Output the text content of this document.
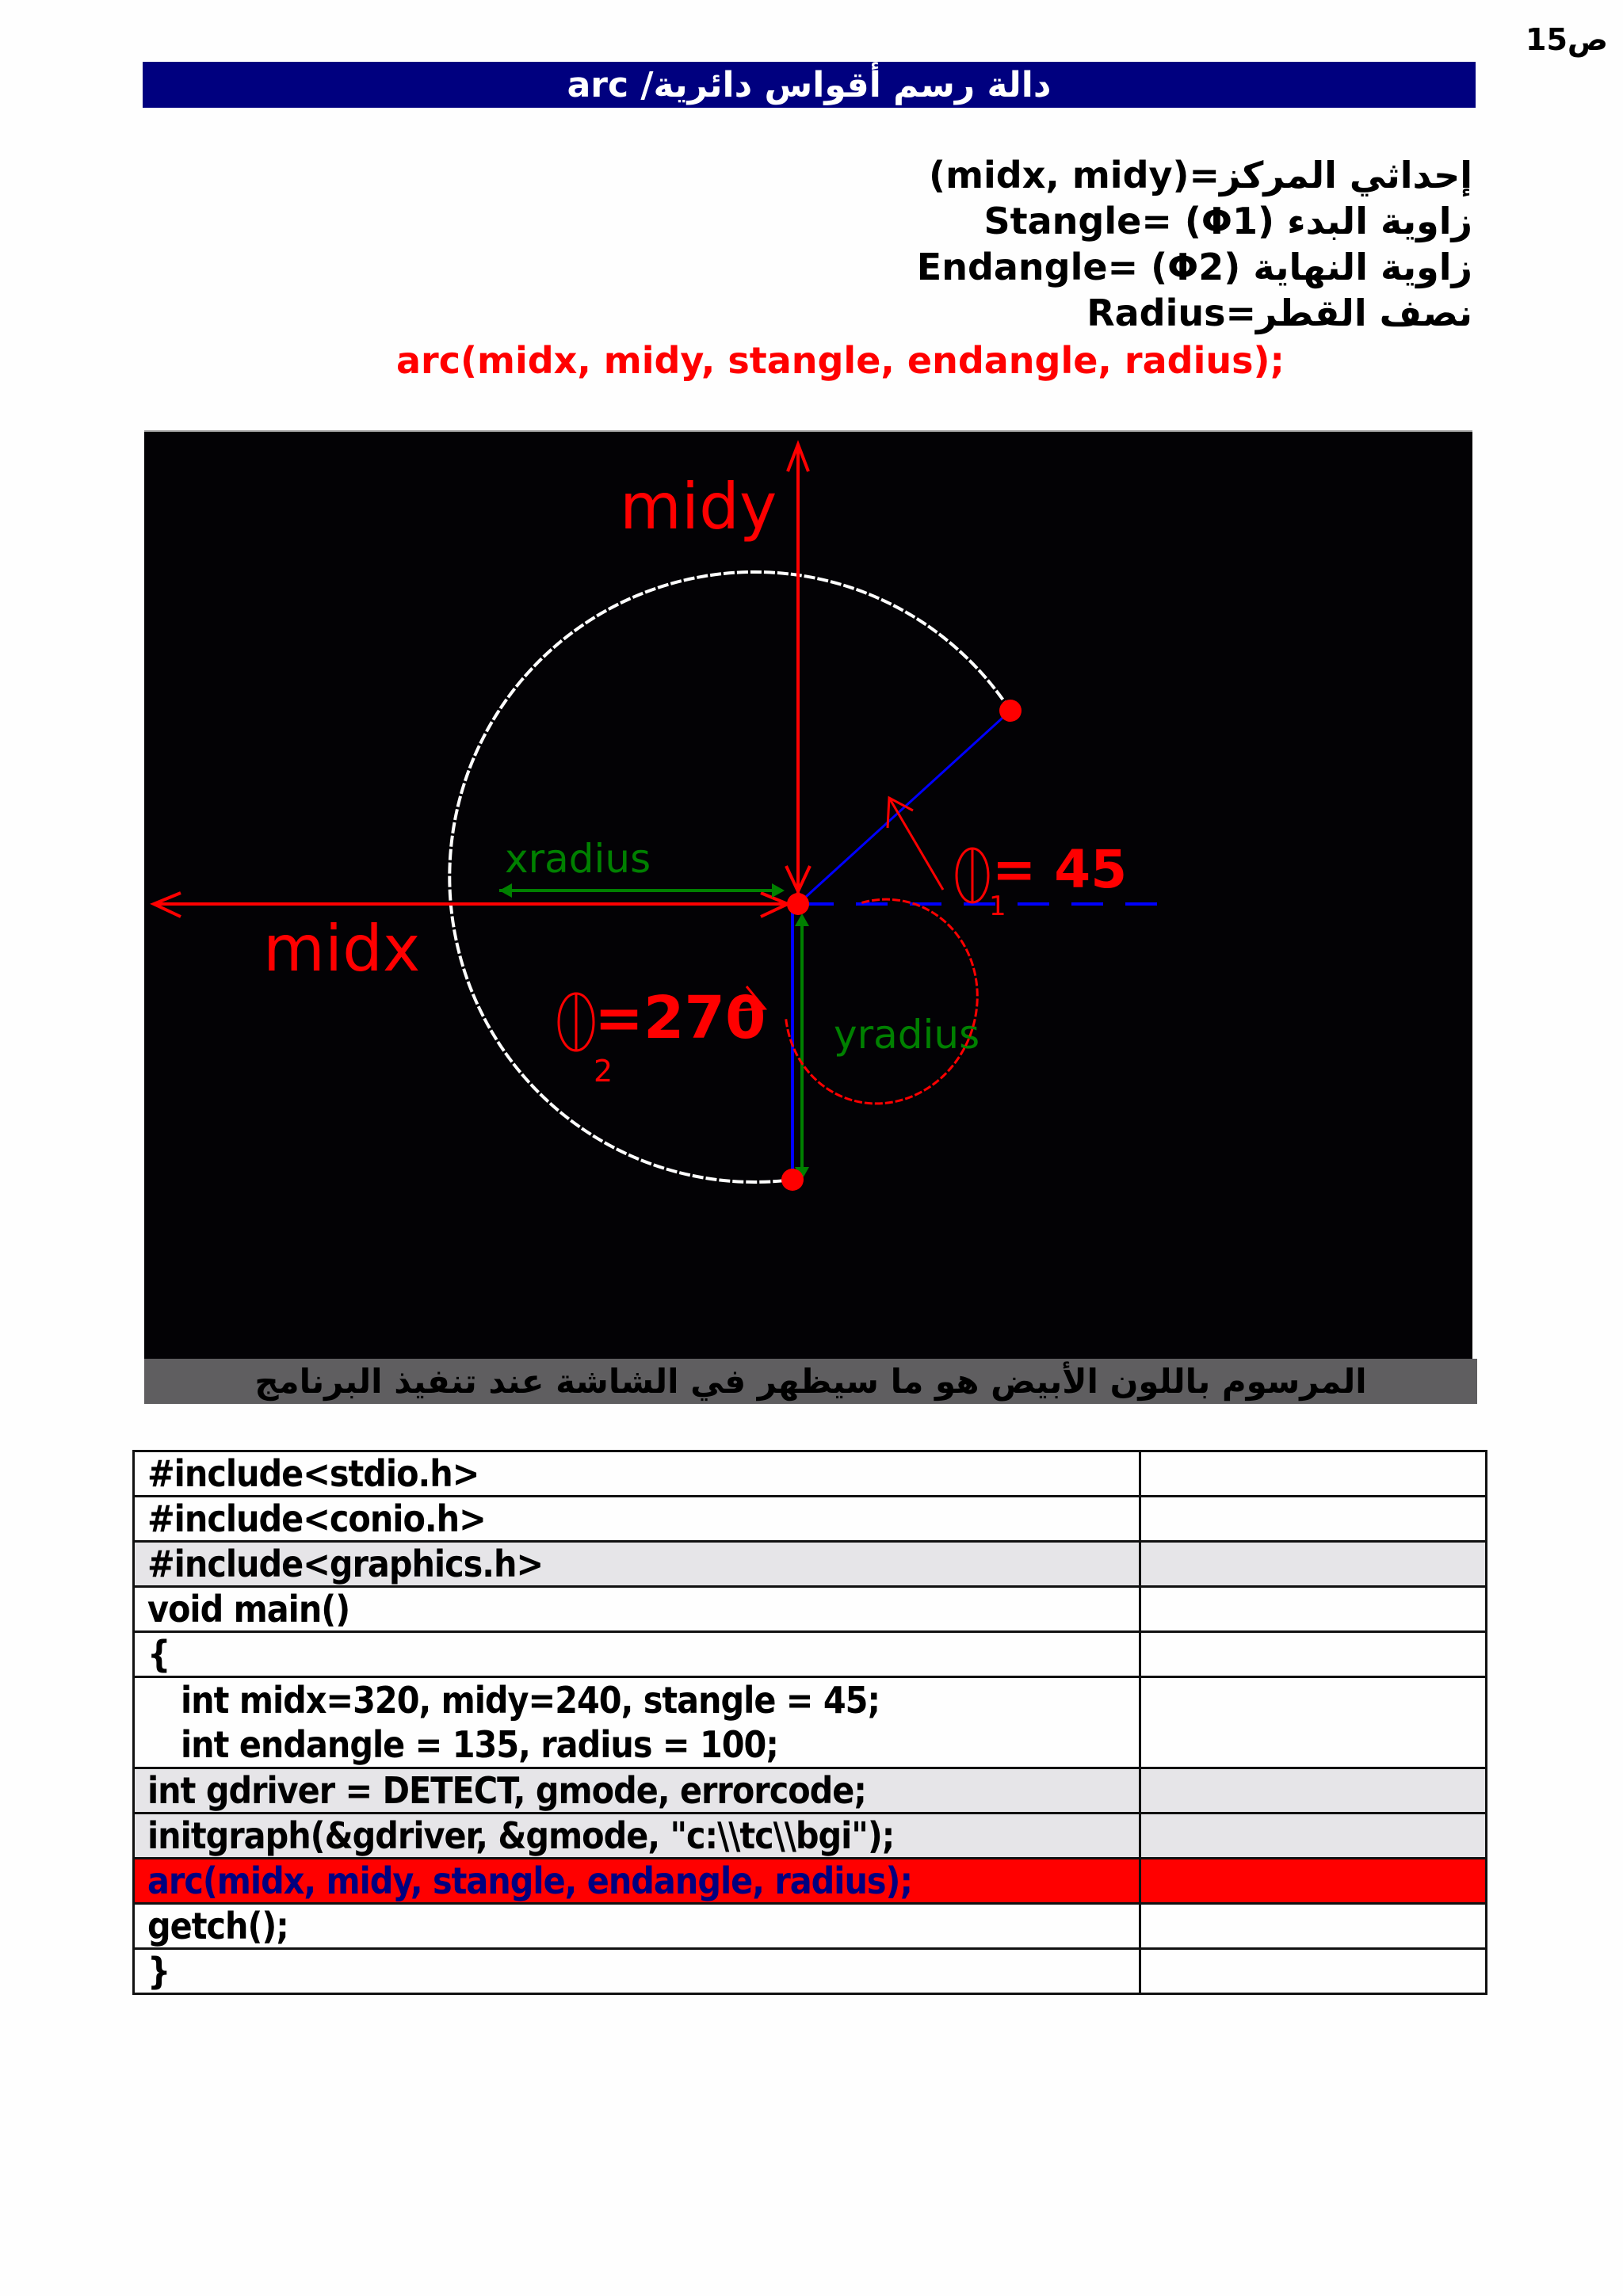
ص15
دالة رسم أقواس دائرية/ arc
إحداثي المركز=(midx, midy)
زاوية البدء (Φ1) =Stangle
زاوية النهاية (Φ2) =Endangle
نصف القطر=Radius
arc(midx, midy, stangle, endangle, radius);
midy
midx
xradius
yradius
1
= 45
2
=270
المرسوم باللون الأبيض هو ما سيظهر في الشاشة عند تنفيذ البرنامج
#include<stdio.h>	
#include<conio.h>	
#include<graphics.h>	
void main()	
{	

int midx=320, midy=240, stangle = 45;
int endangle = 135, radius = 100;	

int gdriver = DETECT, gmode, errorcode;	
initgraph(&gdriver, &gmode, "c:\\tc\\bgi");	
arc(midx, midy, stangle, endangle, radius);	
getch();	
}	
